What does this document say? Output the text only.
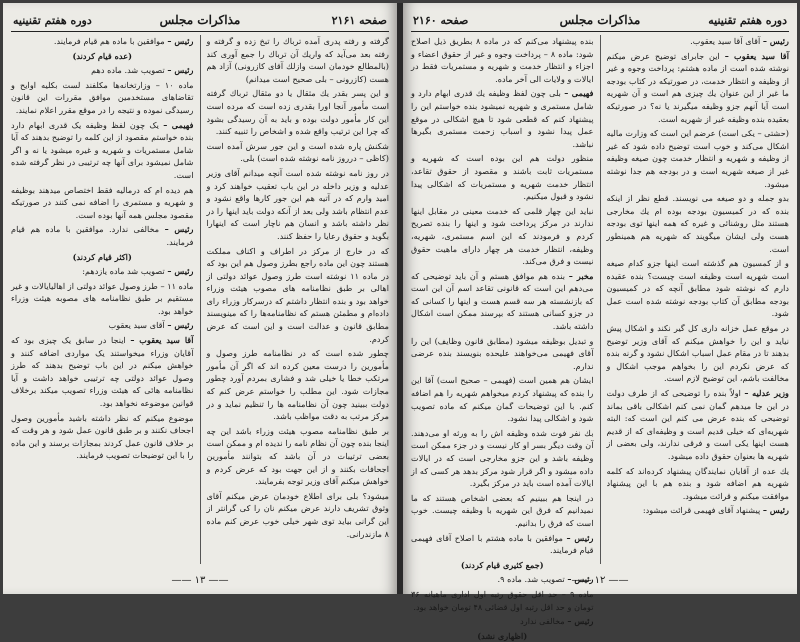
صفحه ۲۱۶۱
مذاکرات مجلس
دوره هفتم تقنینیه

گرفته و رفته پدری آمده ترباك را تبخ زده و گرفته و رفته بعد می‌آید که واریك آن ترباك را جمع آوری کند (بالمطالع خودمان است وازلك آقای کازرونی) آزاد هم هست (کازرونی – بلی صحیح است میدانم)

و این پسر بقدر یك مثقال یا دو مثقال ترباك گرفته است مأمور آنجا اورا بقدری زده است که مرده است این کار مأمور دولت بوده و باید به آن رسیدگی بشود که چرا این ترتیب واقع شده و اشخاص را تنبیه کنند.

شکنش پاره شده است و این جور سرش آمده است (کاظی – درروز نامه نوشته شده است) بلی.

در روز نامه نوشته شده است آنچه میدانم آقای وزیر عدلیه و وزیر داخله در این باب تعقیب خواهند کرد و امید وارم که در آتیه هم این جور کارها واقع نشود و عدم انتظام باشد ولی بعد از آنکه دولت باید اینها را در نظر داشته باشد و انسان هم ناچار است که اینهارا بگوید و حقوق رعایا را حفظ کنند.

که در خارج از مرکز در اطراف و اکناف مملکت هستند چون این ماده راجع بطرز وصول هم این بود که در ماده ۱۱ نوشته است طرز وصول عوائد دولتی از اهالی بر طبق نظامنامه های مصوب هیئت وزراء خواهد بود و بنده انتظار داشتم که درسرکار وزراء رای داده‌ام و مطمئن هستم که نظامنامه‌ها را که مینویسند مطابق قانون و عدالت است و این است که عرض کردم.

چطور شده است که در نظامنامه طرز وصول و مأمورین را درست معین کرده اند که اگر آن مأمور مرتکب خطا یا خیلی شد و فشاری بمردم آورد چطور مجازات شود. این مطلب را خواستم عرض کنم که دولت ببینید چون آن نظامنامه ها را تنظیم نماید و در مرکز مرتب به دقت مواظب باشد.

بر طبق نظامنامه مصوب هیئت وزراء باشد این چه اینجا بنده چون آن نظام نامه را ندیده ام و ممکن است بعضی ترتیبات در آن باشد که بتوانند مأمورین اجحافات بکنند و از این جهت بود که عرض کردم و خواهش میکنم آقای وزیر توجه بفرمایند.

میشود؟ بلی برای اطلاع خودمان عرض میکنم آقای وثوق تشریف دارند عرض میکنم نان را کی گرانتر از این گرانی بیاید توی شهر خیلی خوب عرض کنم ماده ۸ مازندرانی.

رئیس – موافقین با ماده هم قیام فرمایند.

(عده قیام کردند)

رئیس – تصویب شد. ماده دهم

ماده ۱۰ – وزارتخانه‌ها مکلفند لست بکلیه اوایح و تقاضاهای مستخدمین موافق مقررات این قانون رسیدگی نموده و نتیجه را در موقع مقرر اعلام نمایند.

فهیمی – یک چون لفظ وظیفه یک قدری ابهام دارد بنده خواستم مقصود از این کلمه را توضیح بدهند که آیا شامل مستمریات و شهریه و غیره میشود یا نه و اگر شامل نمیشود برای آنها چه ترتیبی در نظر گرفته شده است.

هم دیده ام که درمالیه فقط اختصاص میدهند بوظیفه و شهریه و مستمری را اضافه نمی کنند در صورتیکه مقصود مجلس همه آنها بوده است.

رئیس – مخالفی ندارد. موافقین با ماده هم قیام فرمایند.

(اکثر قیام کردند)

رئیس – تصویب شد ماده یازدهم:

ماده ۱۱ – طرز وصول عوائد دولتی از اهالیایالات و غیر مستقیم بر طبق نظامنامه های مصوبه هیئت وزراء خواهد بود.

رئیس – آقای سید یعقوب

آقا سید یعقوب – اینجا در سابق یک چیزی بود که آقایان وزراء میخواستند یک مواردی اضافه کنند و خواهش میکنم در این باب توضیح بدهند که طرز وصول عوائد دولتی چه ترتیبی خواهد داشت و آیا نظامنامه هائی که هیئت وزراء تصویب میکند برخلاف قوانین موضوعه نخواهد بود.

موضوع میکنم که نظر داشته باشید مأمورین وصول اجحاف نکنند و بر طبق قانون عمل شود و هر وقت که بر خلاف قانون عمل کردند بمجازات برسند و این ماده را با این توضیحات تصویب فرمایند.

—— ۱۳ ——
دوره هفتم تقنینیه
مذاکرات مجلس
صفحه ۲۱۶۰

رئیس – آقای آقا سید یعقوب.

آقا سید یعقوب – این جابرای توضیح عرض میکنم نوشته شده است از ماده هشتم: پرداخت وجوه و غیر از وظیفه و انتظار خدمت، در صورتیکه در کتاب بودجه ما غیر از این عنوان یك چیزی هم است و آن شهریه است آیا آنهم جزو وظیفه میگیرند یا نه؟ در صورتیکه بعقیده بنده وظیفه غیر از شهریه است.

(حشتی – یکی است) عرضم این است که وزارت مالیه اشکال می‌کند و خوب است توضیح داده شود که غیر از وظیفه و شهریه و انتظار خدمت چون صیغه وظیفه غیر از صیغه شهریه است و در بودجه هم جدا نوشته میشود.

بدو جمله و دو صیغه می نویسند. قطع نظر از اینکه بنده که در کمیسیون بودجه بوده ام یك مخارجی هستند مثل روشنائی و غیره که همه اینها توی بودجه هست ولی ایشان میگویند که شهریه هم همینطور است.

و از کمسیون هم گذشته است اینها جزو کدام صیغه است شهریه است وظیفه است چیست؟ بنده عقیده دارم که نوشته شود مطابق آنچه که در کمیسیون بودجه مطابق آن کتاب بودجه نوشته شده است عمل شود.

در موقع عمل خزانه داری کل گیر نکند و اشکال پیش نیاید و این را خواهش میکنم که آقای وزیر توضیح بدهند تا در مقام عمل اسباب اشکال نشود و گرنه بنده که عرض نکردم این را بخواهم موجب اشکال و مخالفت باشم، این توضیح لازم است.

وزیر عدلیه – اولاً بنده را توضیحی که از طرف دولت در این جا میدهم گمان نمی کنم اشکالی باقی بماند توضیحی که بنده عرض می کنم این است که: البته شهریه‌ای که خیلی قدیم است و وظیفه‌ای که از قدیم هست اینها یکی است و فرقی ندارند، ولی بعضی از شهریه ها بعنوان حقوق داده میشود.

یك عده از آقایان نمایندگان پیشنهاد کرده‌اند که کلمه شهریه هم اضافه شود و بنده هم با این پیشنهاد موافقت میکنم و قرائت میشود.

رئیس – پیشنهاد آقای فهیمی قرائت میشود:

بنده پیشنهاد می‌کنم که در ماده ۸ بطریق ذیل اصلاح شود: ماده ۸ – پرداخت وجوه و غیر از حقوق اعضاء و اجزاء و انتظار خدمت و شهریه و مستمریات فقط در ایالات و ولایات الی آخر ماده.

فهیمی – بلی چون لفظ وظیفه یك قدری ابهام دارد و شامل مستمری و شهریه نمیشود بنده خواستم این را پیشنهاد کنم که قطعی شود تا هیچ اشکالی در موقع عمل پیدا نشود و اسباب زحمت مستمری بگیرها نباشد.

منظور دولت هم این بوده است که شهریه و مستمریات ثابت باشند و مقصود از حقوق تقاعد، انتظار خدمت شهریه و مستمریات که اشکالی پیدا نشود و قبول میکنیم.

نباید این چهار قلمی که خدمت معینی در مقابل اینها ندارند در مرکز پرداخت شود و اینها را بنده تصریح کردم و فرمودند که این اسم مستمری، شهریه، وظیفه، انتظار خدمت هر چهار دارای ماهیت حقوق نیست و فرق می‌کند.

مخبر – بنده هم موافق هستم و آن باید توضیحی که می‌دهم این است که قانونی تقاعد اسم آن این است که بازنشسته هر سه قسم هست و اینها را کسانی که در جزو کسانی هستند که بپرسند ممکن است اشکال داشته باشد.

و تبدیل بوظیفه میشود (مطابق قانون وظایف) این را آقای فهیمی می‌خواهند علیحده بنویسند بنده عرضی ندارم.

ایشان هم همین است (فهیمی – صحیح است) آقا این را بنده که پیشنهاد کردم میخواهم شهریه را هم اضافه کنم. با این توضیحات گمان میکنم که ماده تصویب شود و اشکالی پیدا نشود.

بك نفر فوت شده وظیفه اش را به ورثه او می‌دهند. آن وقت دیگر بسر او کار نیست و در جزء ممکن است وظیفه باشد و این جزو مخارجی است که در ایالات داده میشود و اگر قرار شود مرکز بدهد هر کسی که از ایالات آمده است باید در مرکز بگیرد.

در اینجا هم ببینیم که بعضی اشخاص هستند که ما نمیدانیم که فرق این شهریه با وظیفه چیست. خوب است که فرق را بدانیم.

رئیس – موافقین با ماده هشتم با اصلاح آقای فهیمی قیام فرمایند.

(جمع کثیری قیام کردند)

رئیس – تصویب شد. ماده ۹.

ماده ۹ – حد اقل حقوق رتبه اول اداری ماهیانه ۳۶ تومان و حد اقل رتبه اول قضائی ۴۸ تومان خواهد بود.

رئیس – مخالفی ندارد

(اظهاری نشد)

—— ۱۲ ——
